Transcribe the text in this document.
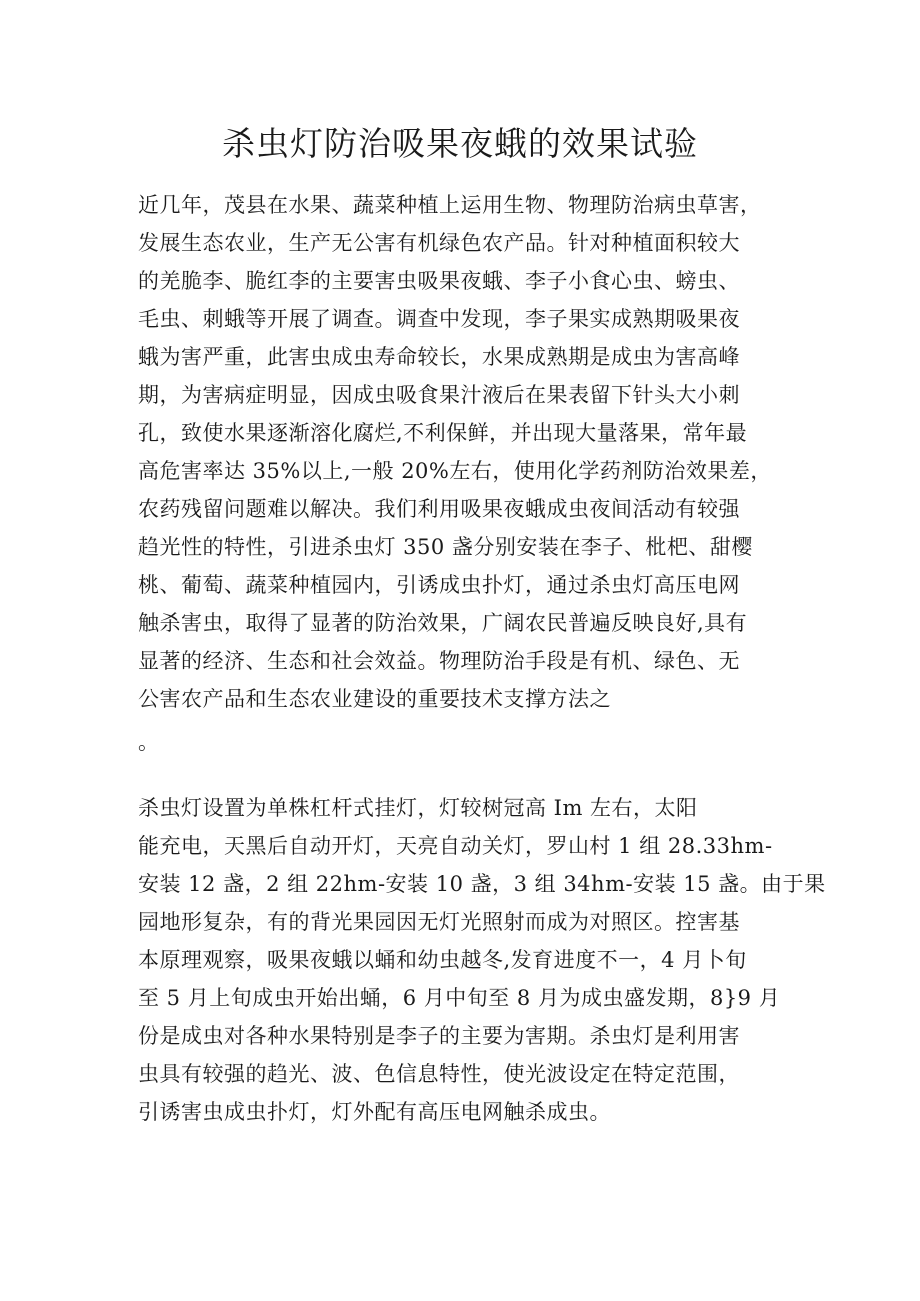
杀虫灯防治吸果夜蛾的效果试验

近几年，茂县在水果、蔬菜种植上运用生物、物理防治病虫草害，

发展生态农业，生产无公害有机绿色农产品。针对种植面积较大

的羌脆李、脆红李的主要害虫吸果夜蛾、李子小食心虫、螃虫、

毛虫、刺蛾等开展了调查。调查中发现，李子果实成熟期吸果夜

蛾为害严重，此害虫成虫寿命较长，水果成熟期是成虫为害高峰

期，为害病症明显，因成虫吸食果汁液后在果表留下针头大小刺

孔，致使水果逐渐溶化腐烂,不利保鲜，并出现大量落果，常年最

高危害率达 35%以上,一般 20%左右，使用化学药剂防治效果差，

农药残留问题难以解决。我们利用吸果夜蛾成虫夜间活动有较强

趋光性的特性，引进杀虫灯 350 盏分别安装在李子、枇杷、甜樱

桃、葡萄、蔬菜种植园内，引诱成虫扑灯，通过杀虫灯高压电网

触杀害虫，取得了显著的防治效果，广阔农民普遍反映良好,具有

显著的经济、生态和社会效益。物理防治手段是有机、绿色、无

公害农产品和生态农业建设的重要技术支撑方法之

。

杀虫灯设置为单株杠杆式挂灯，灯较树冠高 Im 左右，太阳

能充电，天黑后自动开灯，天亮自动关灯，罗山村 1 组 28.33hm-

安装 12 盏，2 组 22hm-安装 10 盏，3 组 34hm-安装 15 盏。由于果

园地形复杂，有的背光果园因无灯光照射而成为对照区。控害基

本原理观察，吸果夜蛾以蛹和幼虫越冬,发育进度不一，4 月卜旬

至 5 月上旬成虫开始出蛹，6 月中旬至 8 月为成虫盛发期，8}9 月

份是成虫对各种水果特别是李子的主要为害期。杀虫灯是利用害

虫具有较强的趋光、波、色信息特性，使光波设定在特定范围，

引诱害虫成虫扑灯，灯外配有高压电网触杀成虫。
